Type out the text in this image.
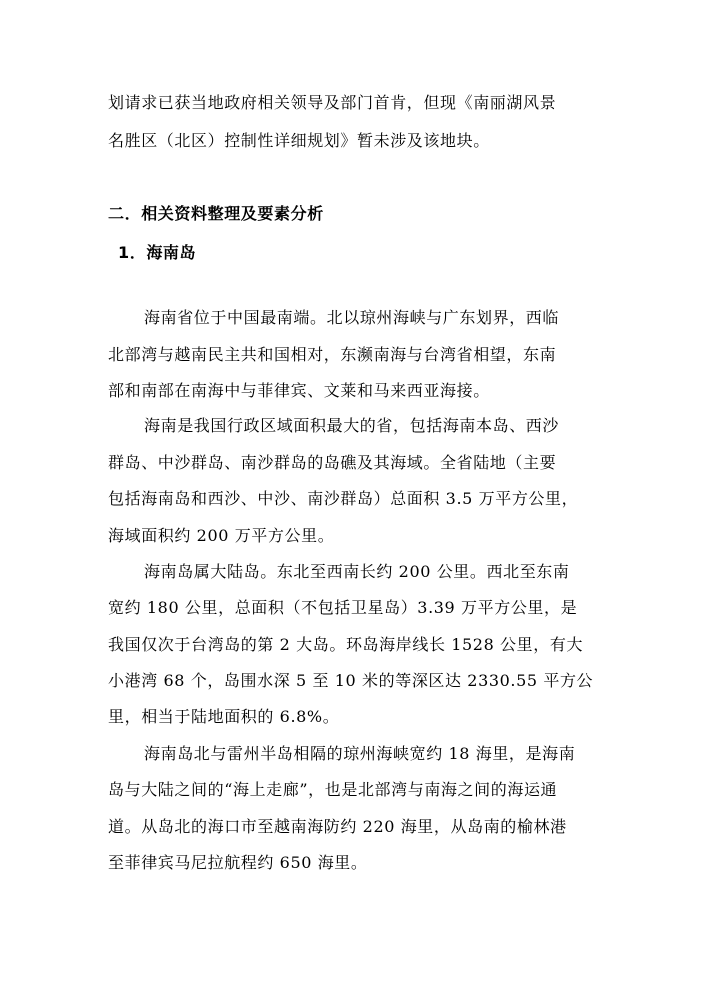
划请求已获当地政府相关领导及部门首肯，但现《南丽湖风景
名胜区（北区）控制性详细规划》暂未涉及该地块。
二．相关资料整理及要素分析
1．海南岛
海南省位于中国最南端。北以琼州海峡与广东划界，西临
北部湾与越南民主共和国相对，东濒南海与台湾省相望，东南
部和南部在南海中与菲律宾、文莱和马来西亚海接。
海南是我国行政区域面积最大的省，包括海南本岛、西沙
群岛、中沙群岛、南沙群岛的岛礁及其海域。全省陆地（主要
包括海南岛和西沙、中沙、南沙群岛）总面积 3.5 万平方公里，
海域面积约 200 万平方公里。
海南岛属大陆岛。东北至西南长约 200 公里。西北至东南
宽约 180 公里，总面积（不包括卫星岛）3.39 万平方公里，是
我国仅次于台湾岛的第 2 大岛。环岛海岸线长 1528 公里，有大
小港湾 68 个，岛围水深 5 至 10 米的等深区达 2330.55 平方公
里，相当于陆地面积的 6.8%。
海南岛北与雷州半岛相隔的琼州海峡宽约 18 海里，是海南
岛与大陆之间的“海上走廊”，也是北部湾与南海之间的海运通
道。从岛北的海口市至越南海防约 220 海里，从岛南的榆林港
至菲律宾马尼拉航程约 650 海里。
